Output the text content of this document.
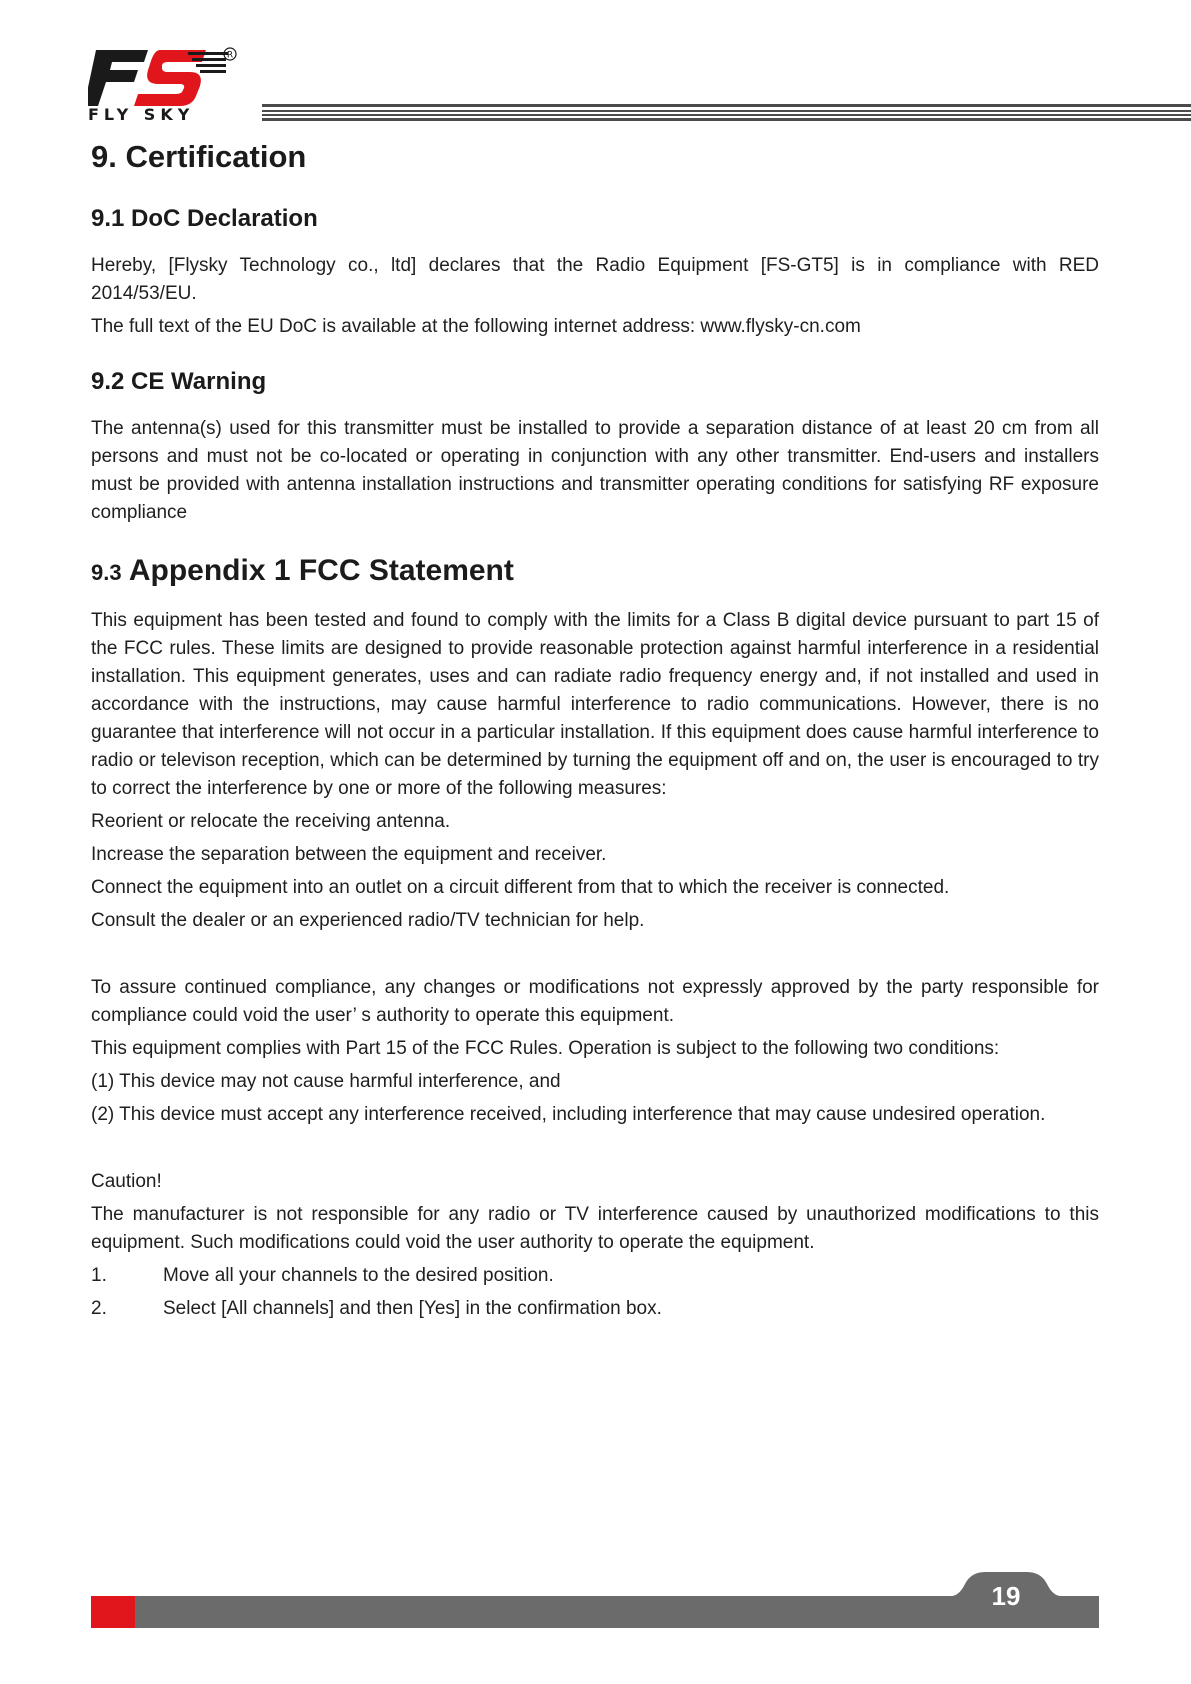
R
FLY SKY
9. Certification
9.1 DoC Declaration

Hereby, [Flysky Technology co., ltd] declares that the Radio Equipment [FS-GT5] is in compliance with RED 2014/53/EU.

The full text of the EU DoC is available at the following internet address: www.flysky-cn.com

9.2 CE Warning

The antenna(s) used for this transmitter must be installed to provide a separation distance of at least 20 cm from all persons and must not be co-located or operating in conjunction with any other transmitter. End-users and installers must be provided with antenna installation instructions and transmitter operating conditions for satisfying RF exposure compliance

9.3 Appendix 1 FCC Statement

This equipment has been tested and found to comply with the limits for a Class B digital device pursuant to part 15 of the FCC rules. These limits are designed to provide reasonable protection against harmful interference in a residential installation. This equipment generates, uses and can radiate radio frequency energy and, if not installed and used in accordance with the instructions, may cause harmful interference to radio communications. However, there is no guarantee that interference will not occur in a particular installation. If this equipment does cause harmful interference to radio or televison reception, which can be determined by turning the equipment off and on, the user is encouraged to try to correct the interference by one or more of the following measures:

Reorient or relocate the receiving antenna.

Increase the separation between the equipment and receiver.

Connect the equipment into an outlet on a circuit different from that to which the receiver is connected.

Consult the dealer or an experienced radio/TV technician for help.

To assure continued compliance, any changes or modifications not expressly approved by the party responsible for compliance could void the user’ s authority to operate this equipment.

This equipment complies with Part 15 of the FCC Rules. Operation is subject to the following two conditions:

(1) This device may not cause harmful interference, and

(2) This device must accept any interference received, including interference that may cause undesired operation.

Caution!

The manufacturer is not responsible for any radio or TV interference caused by unauthorized modifications to this equipment. Such modifications could void the user authority to operate the equipment.

1.	Move all your channels to the desired position.
2.	Select [All channels] and then [Yes] in the confirmation box.
19
